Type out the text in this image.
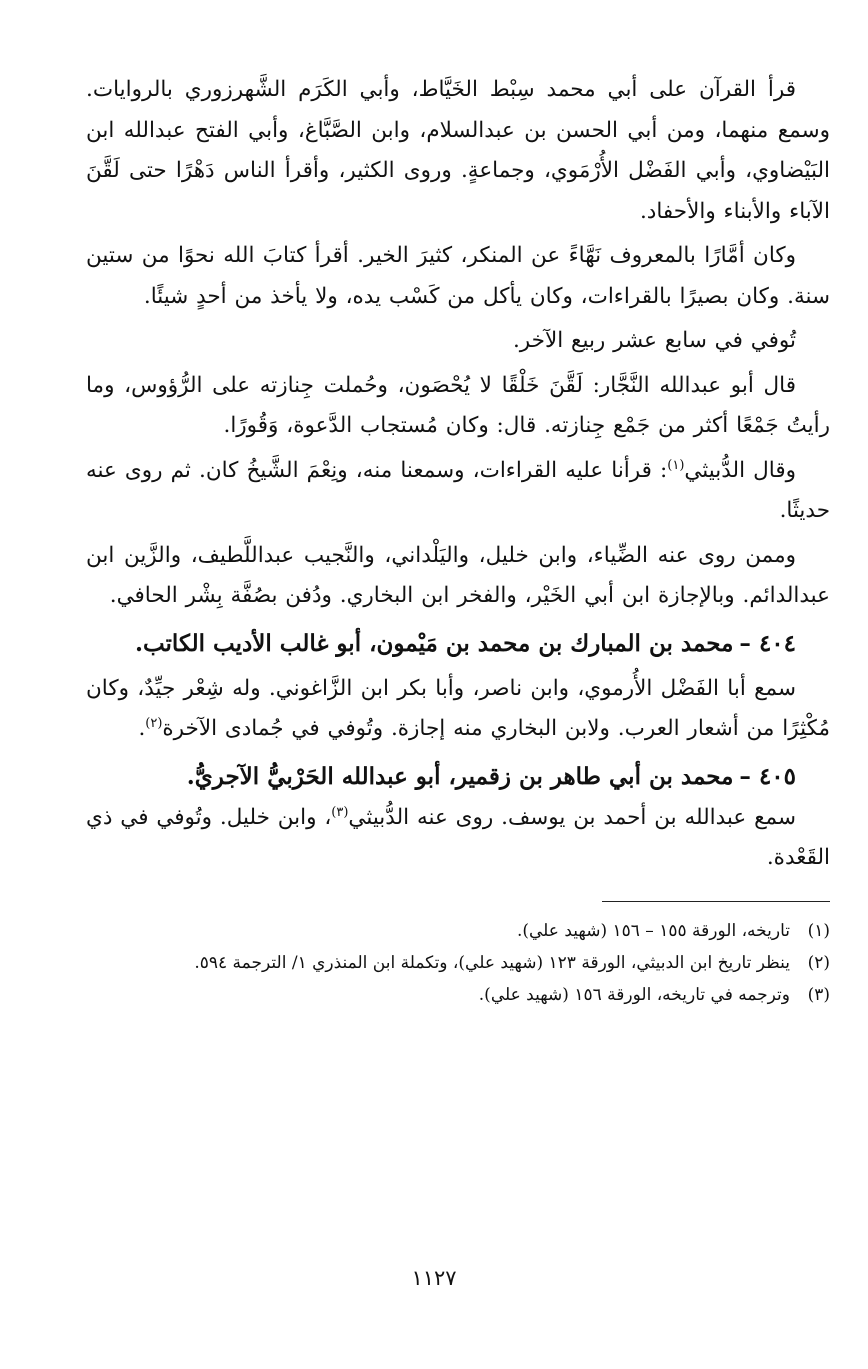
قرأ القرآن على أبي محمد سِبْط الخَيَّاط، وأبي الكَرَم الشَّهرزوري بالروايات. وسمع منهما، ومن أبي الحسن بن عبدالسلام، وابن الصَّبَّاغ، وأبي الفتح عبدالله ابن البَيْضاوي، وأبي الفَضْل الأُرْمَوي، وجماعةٍ. وروى الكثير، وأقرأ الناس دَهْرًا حتى لَقَّنَ الآباء والأبناء والأحفاد.

وكان أمَّارًا بالمعروف نَهَّاءً عن المنكر، كثيرَ الخير. أقرأ كتابَ الله نحوًا من ستين سنة. وكان بصيرًا بالقراءات، وكان يأكل من كَسْب يده، ولا يأخذ من أحدٍ شيئًا.

تُوفي في سابع عشر ربيع الآخر.

قال أبو عبدالله النَّجَّار: لَقَّنَ خَلْقًا لا يُحْصَون، وحُملت جِنازته على الرُّؤوس، وما رأيتُ جَمْعًا أكثر من جَمْع جِنازته. قال: وكان مُستجاب الدَّعوة، وَقُورًا.

وقال الدُّبيثي$^{(١)}$: قرأنا عليه القراءات، وسمعنا منه، ونِعْمَ الشَّيخُ كان. ثم روى عنه حديثًا.

وممن روى عنه الضِّياء، وابن خليل، واليَلْداني، والنَّجيب عبداللَّطيف، والزَّين ابن عبدالدائم. وبالإجازة ابن أبي الخَيْر، والفخر ابن البخاري. ودُفن بصُفَّة بِشْر الحافي.

٤٠٤ –محمد بن المبارك بن محمد بن مَيْمون، أبو غالب الأديب الكاتب.

سمع أبا الفَضْل الأُرموي، وابن ناصر، وأبا بكر ابن الزَّاغوني. وله شِعْر جيِّدٌ، وكان مُكْثِرًا من أشعار العرب. ولابن البخاري منه إجازة. وتُوفي في جُمادى الآخرة$^{(٢)}$.

٤٠٥ –محمد بن أبي طاهر بن زقمير، أبو عبدالله الحَرْبيُّ الآجريُّ.

سمع عبدالله بن أحمد بن يوسف. روى عنه الدُّبيثي$^{(٣)}$، وابن خليل. وتُوفي في ذي القَعْدة.

(١)
تاريخه، الورقة ١٥٥ – ١٥٦ (شهيد علي).
(٢)
ينظر تاريخ ابن الدبيثي، الورقة ١٢٣ (شهيد علي)، وتكملة ابن المنذري ١/ الترجمة ٥٩٤.
(٣)
وترجمه في تاريخه، الورقة ١٥٦ (شهيد علي).
١١٢٧
